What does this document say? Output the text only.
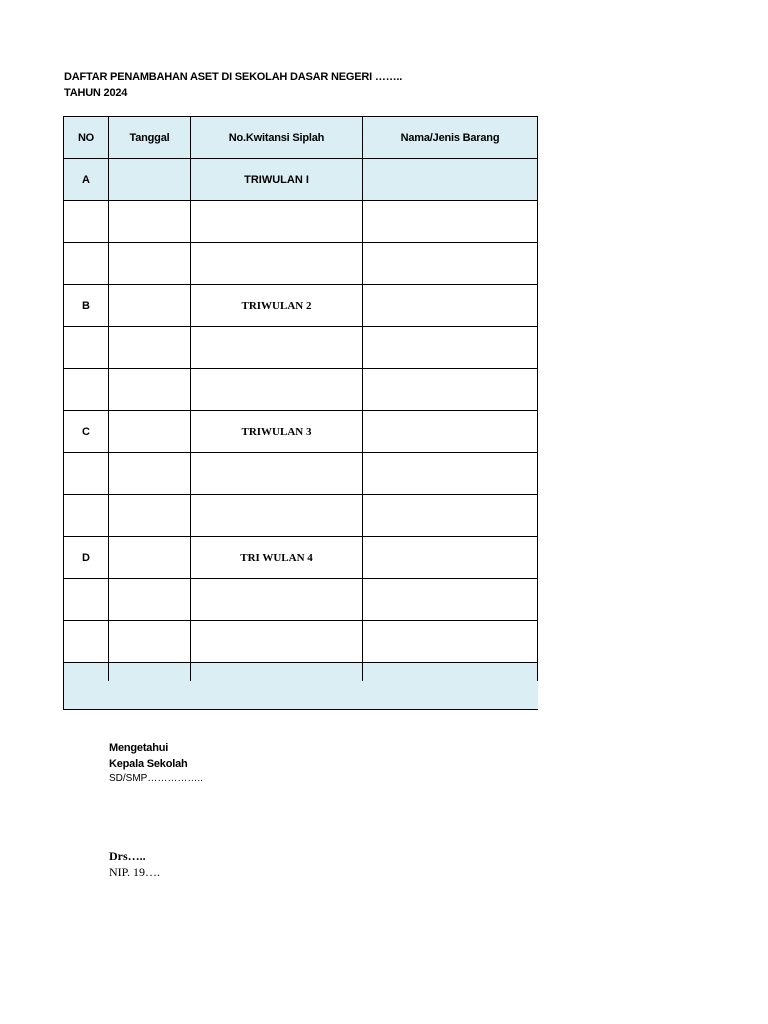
DAFTAR PENAMBAHAN ASET DI SEKOLAH DASAR NEGERI ……..
TAHUN 2024
NO	Tanggal	No.Kwitansi Siplah	Nama/Jenis Barang
A		TRIWULAN I	

B		TRIWULAN 2	

C		TRIWULAN 3	

D		TRI WULAN 4	

Mengetahui
Kepala Sekolah
SD/SMP……………..
Drs…..
NIP. 19….
